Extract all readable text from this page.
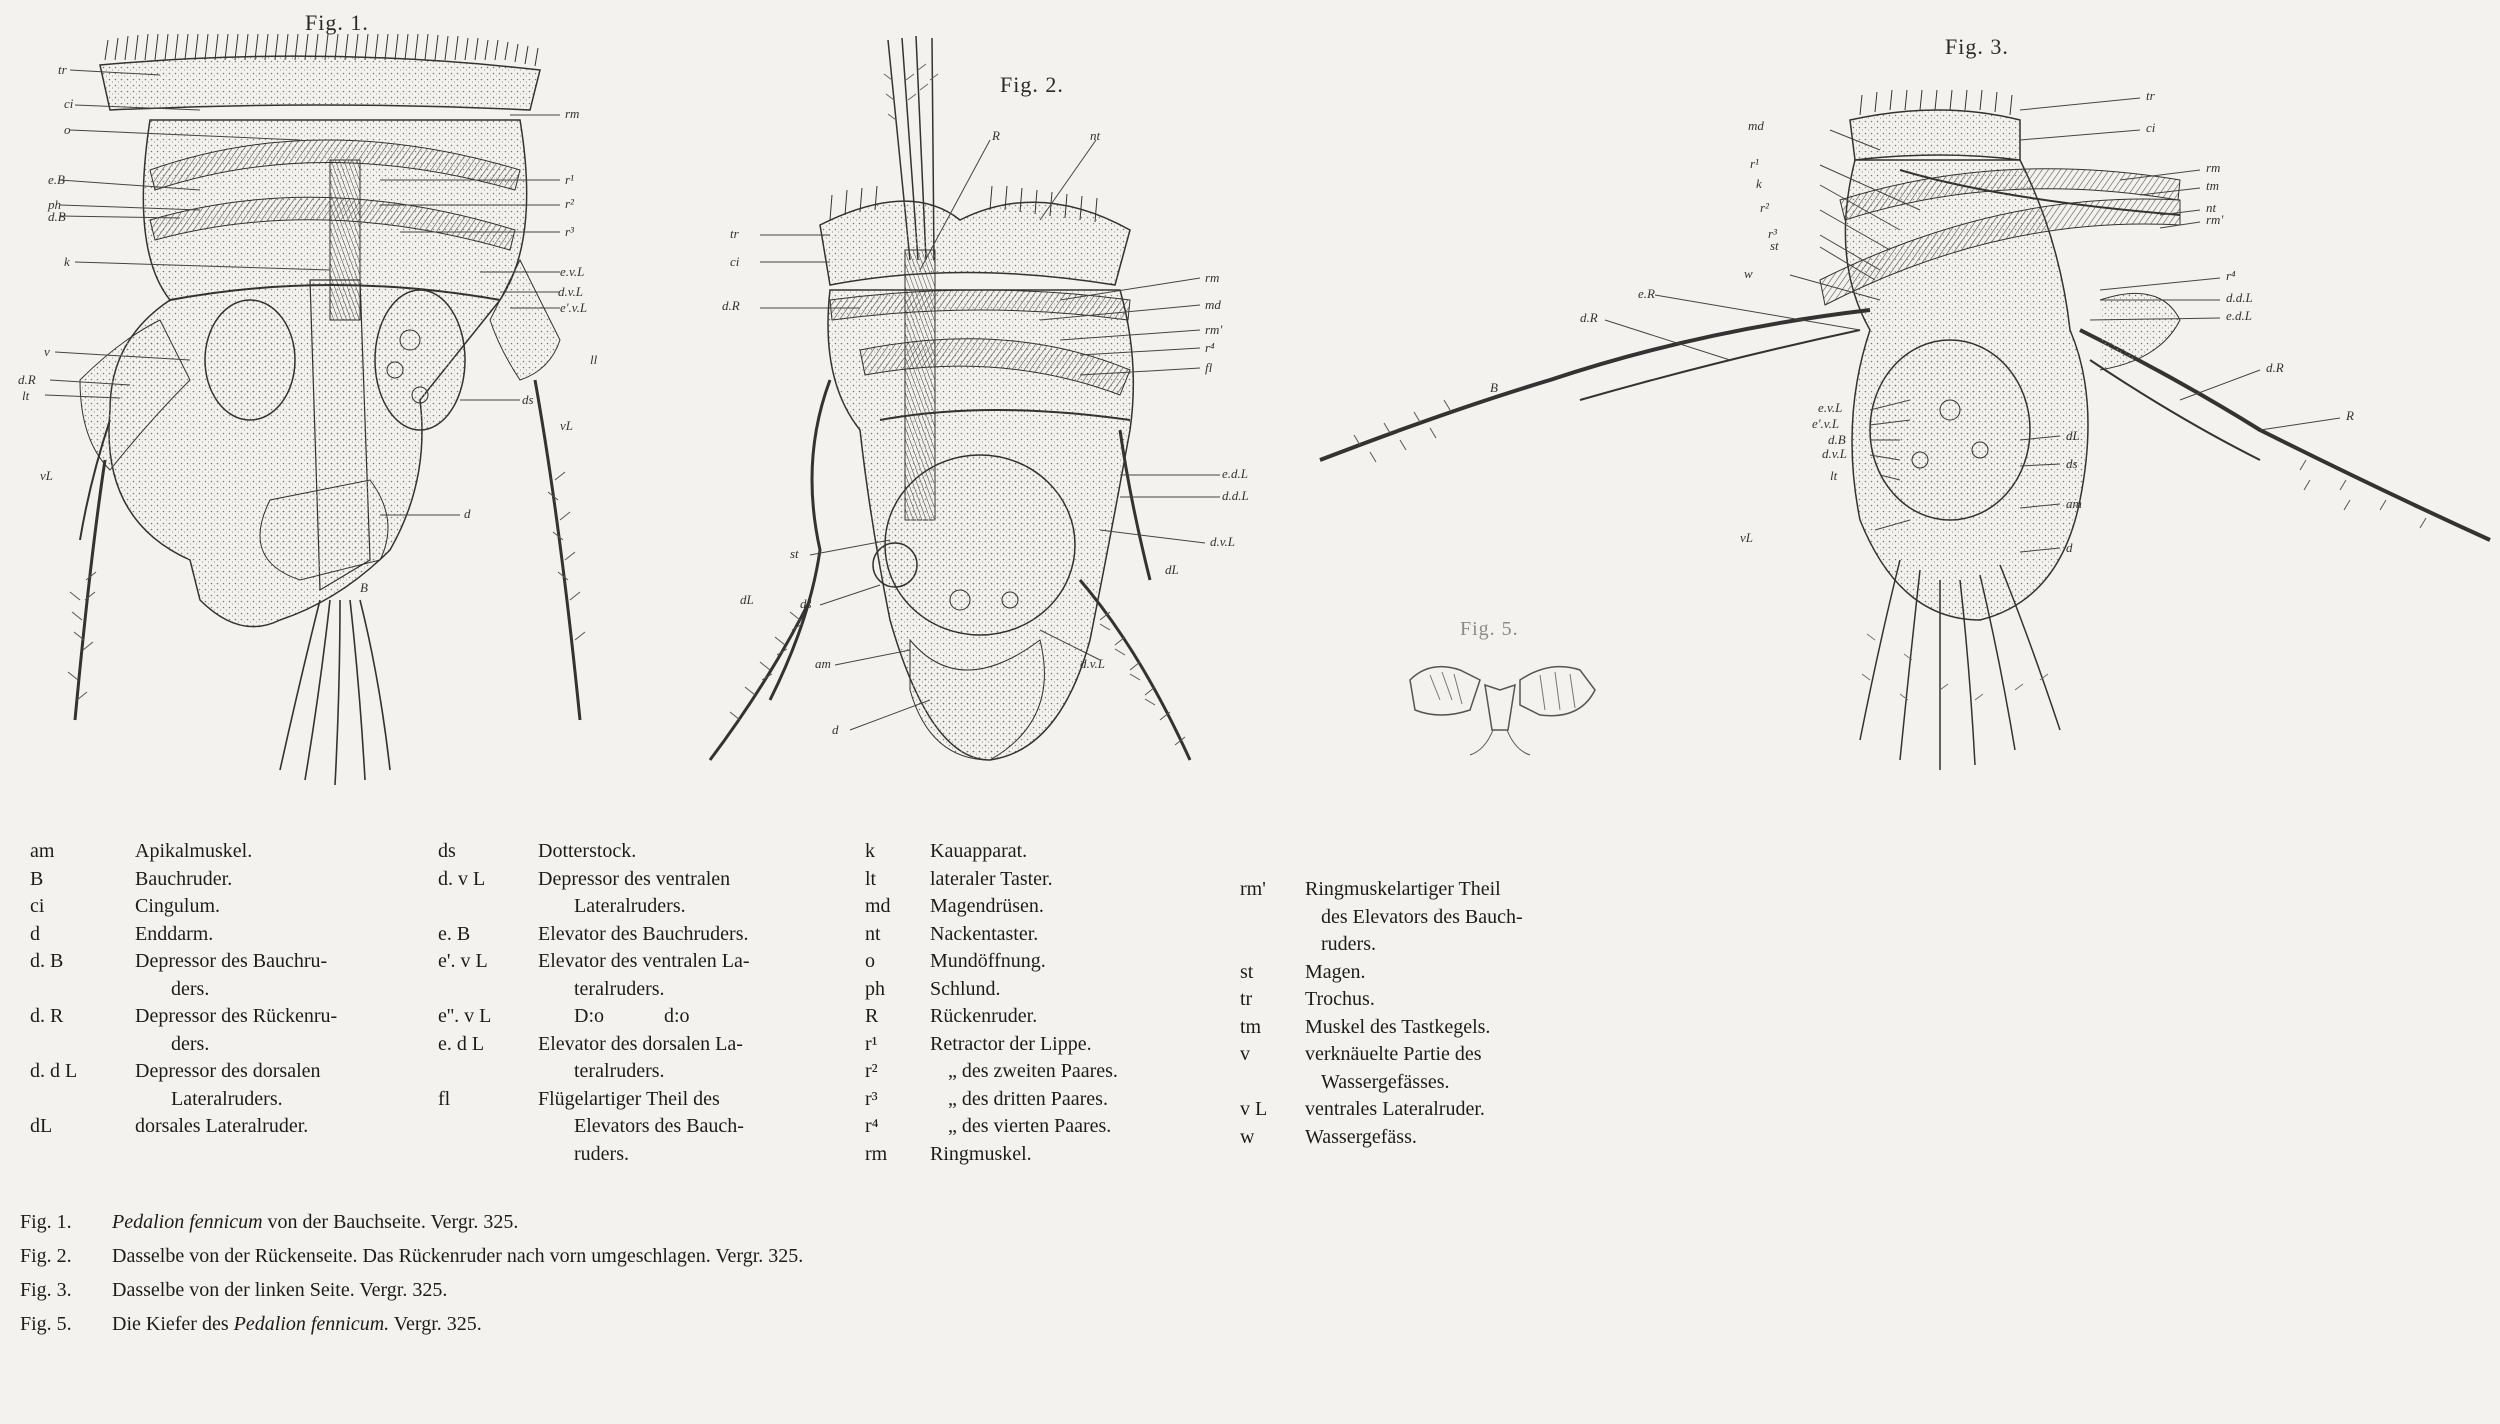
Fig. 1.
tr
ci
o
e.B
ph
d.B
k
v
d.R
lt
vL
rm
r¹
r²
r³
e.v.L
d.v.L
e'.v.L
ll
ds
vL
d
B
Fig. 2.
R	nt
tr
ci
d.R
rm
md
rm'
r⁴
fl
e.d.L
d.d.L
d.v.L
st
ds
am
d
dL
dL
d.v.L
Fig. 5.
Fig. 3.
md
r¹
k
r²
r³
st
w
e.R
d.R
B
e.v.L
e'.v.L
d.B
d.v.L
lt
vL
tr
ci
rm
tm
nt
rm'
r⁴
d.d.L
e.d.L
d.R
R
dL
ds
am
d
am	Apikalmuskel.
B	Bauchruder.
ci	Cingulum.
d	Enddarm.
d. B	Depressor des Bauchru-
ders.
d. R	Depressor des Rückenru-
ders.
d. d L	Depressor des dorsalen
Lateralruders.
dL	dorsales Lateralruder.
ds	Dotterstock.
d. v L	Depressor des ventralen
Lateralruders.
e. B	Elevator des Bauchruders.
e'. v L	Elevator des ventralen La-
teralruders.
e''. v L	D:o            d:o
e. d L	Elevator des dorsalen La-
teralruders.
fl	Flügelartiger Theil des
Elevators des Bauch-
ruders.
k	Kauapparat.
lt	lateraler Taster.
md	Magendrüsen.
nt	Nackentaster.
o	Mundöffnung.
ph	Schlund.
R	Rückenruder.
r¹	Retractor der Lippe.
r²	„ des zweiten Paares.
r³	„ des dritten Paares.
r⁴	„ des vierten Paares.
rm	Ringmuskel.
rm'	Ringmuskelartiger Theil
des Elevators des Bauch-
ruders.
st	Magen.
tr	Trochus.
tm	Muskel des Tastkegels.
v	verknäuelte Partie des
Wassergefässes.
v L	ventrales Lateralruder.
w	Wassergefäss.
Fig. 1.	Pedalion fennicum von der Bauchseite. Vergr. 325.
Fig. 2.	Dasselbe von der Rückenseite. Das Rückenruder nach vorn umgeschlagen. Vergr. 325.
Fig. 3.	Dasselbe von der linken Seite. Vergr. 325.
Fig. 5.	Die Kiefer des Pedalion fennicum. Vergr. 325.
